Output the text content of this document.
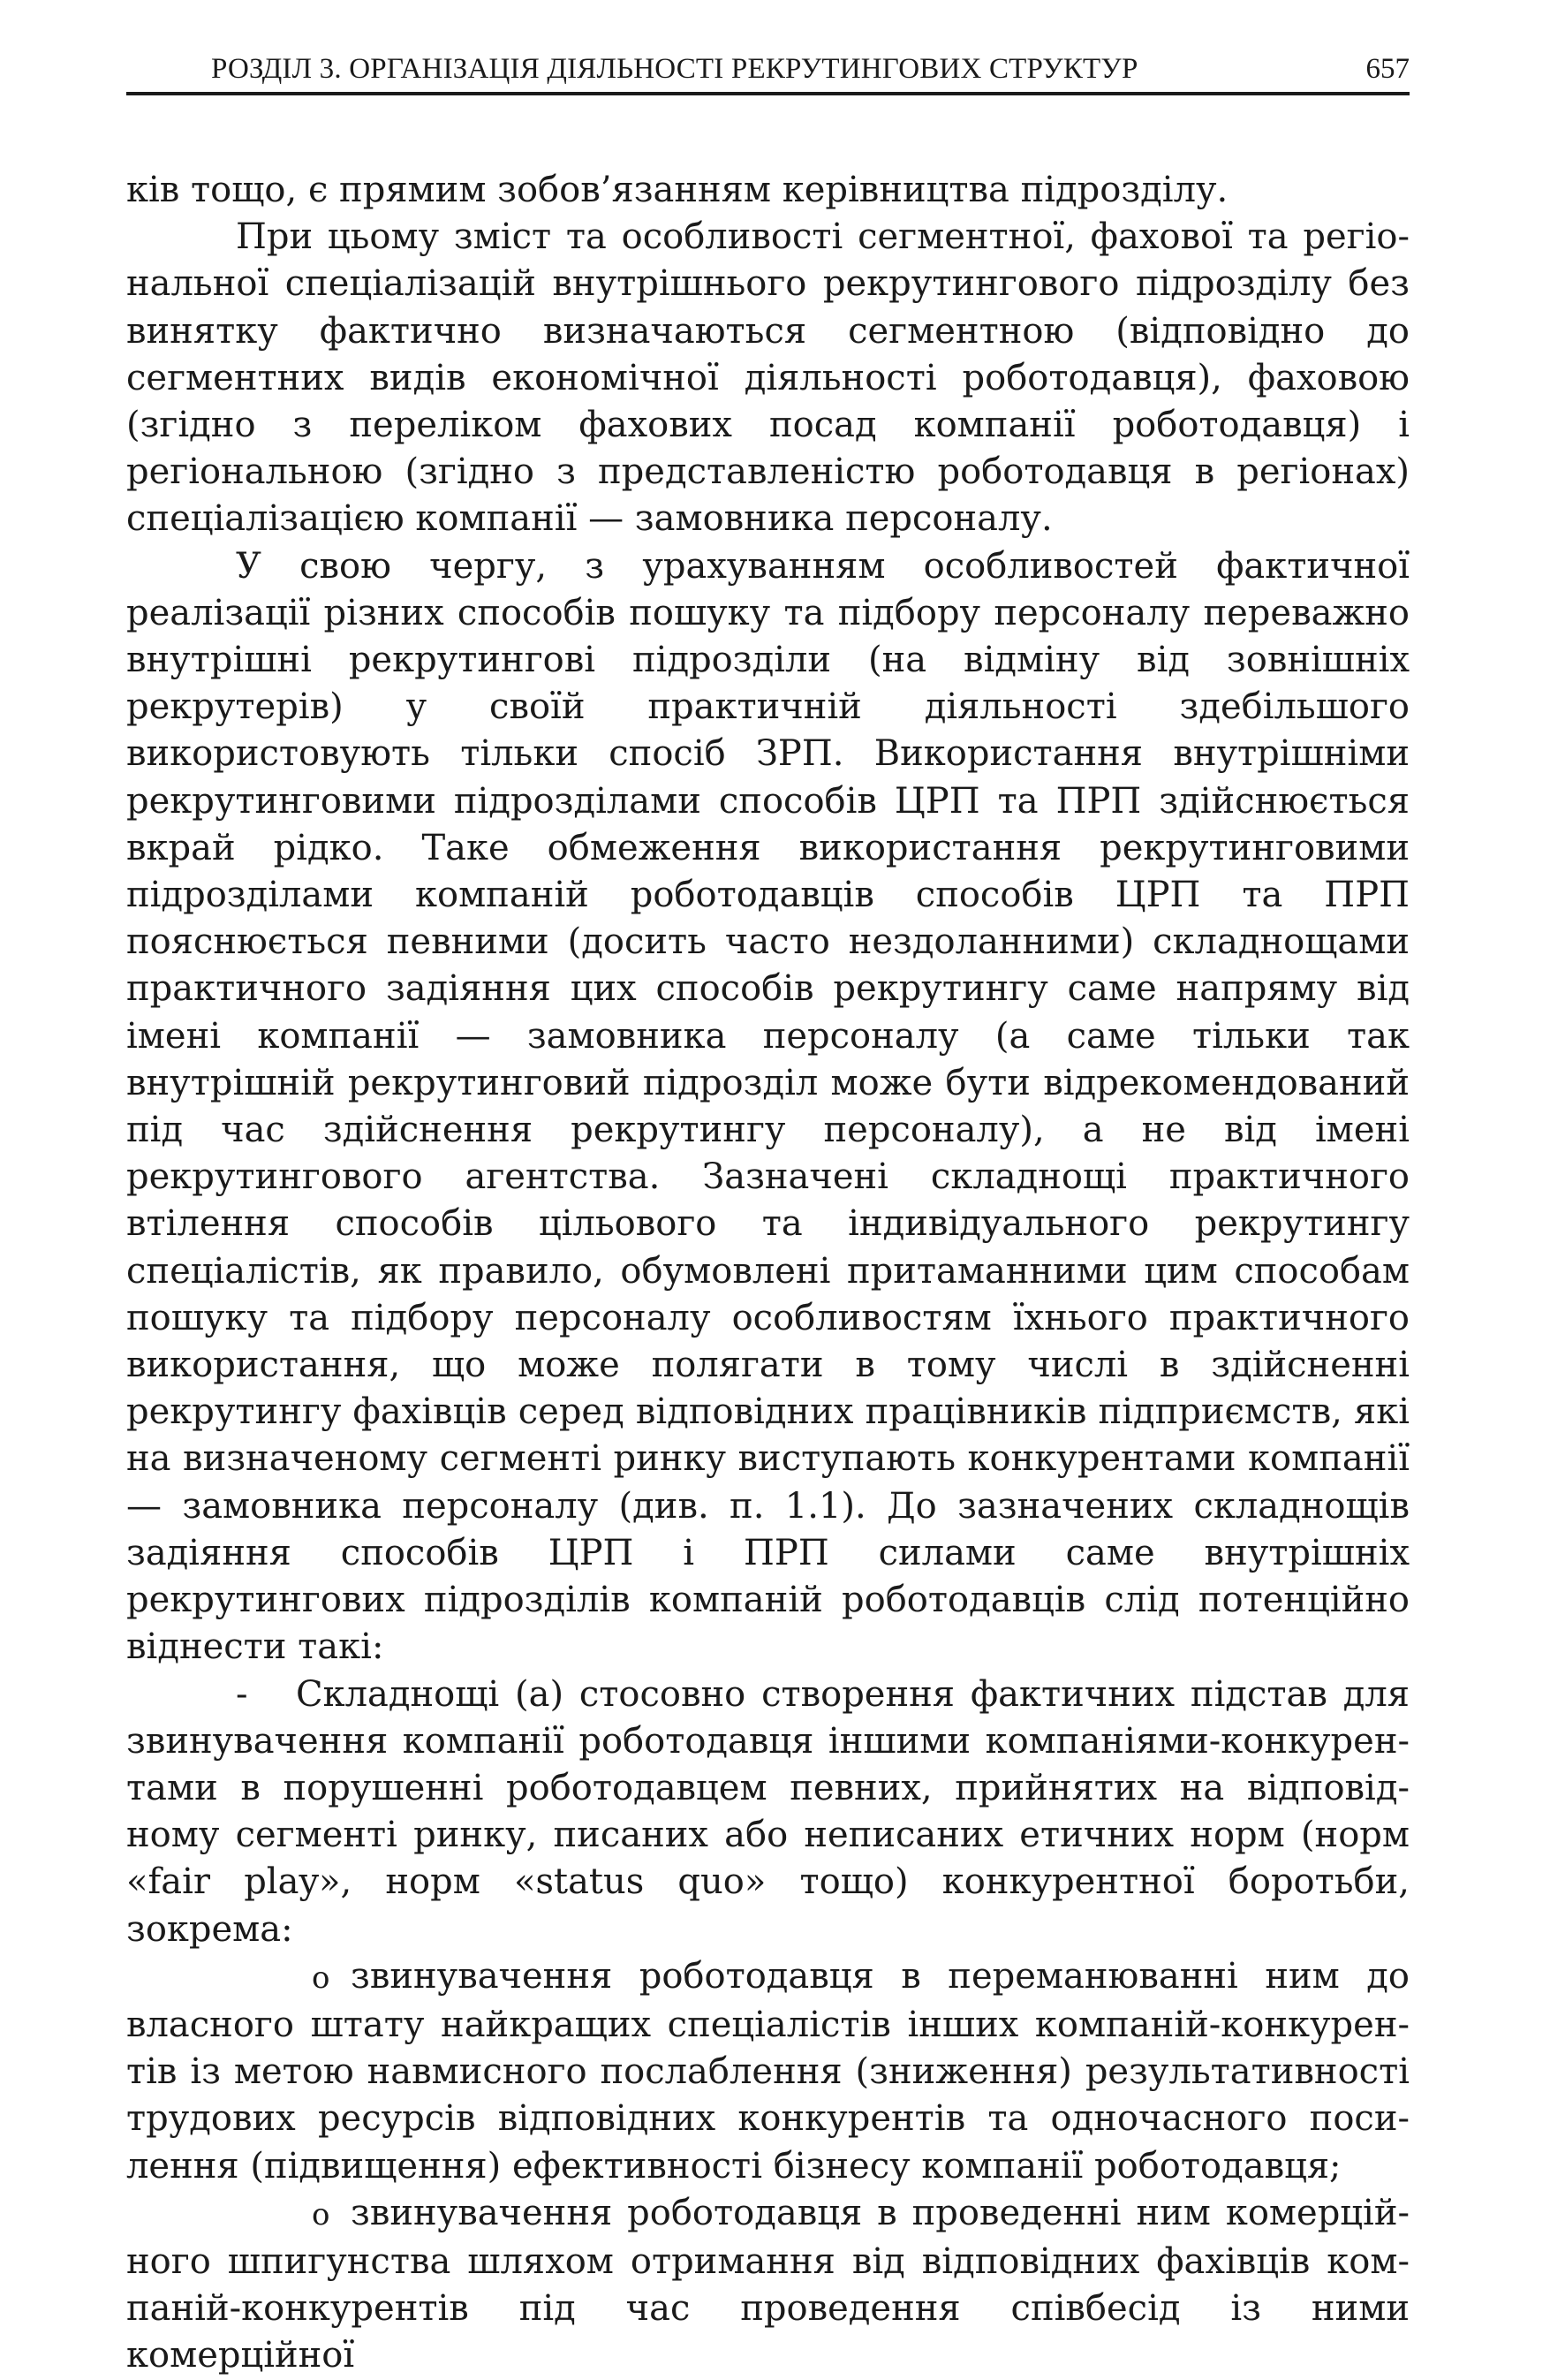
РОЗДІЛ 3. ОРГАНІЗАЦІЯ ДІЯЛЬНОСТІ РЕКРУТИНГОВИХ СТРУКТУР	657

ків тощо, є прямим зобов’язанням керівництва підрозділу.

При цьому зміст та особливості сегментної, фахової та регіональної спеціалізацій внутрішнього рекрутингового підрозділу без винятку фактично визначаються сегментною (відповідно до сегментних видів економічної діяльності роботодавця), фаховою (згідно з переліком фахових посад компанії роботодавця) і регіональною (згідно з представленістю роботодавця в регіонах) спеціалізацією компанії — замовника персоналу.

У свою чергу, з урахуванням особливостей фактичної реалізації різних способів пошуку та підбору персоналу переважно внутрішні рекрутингові підрозділи (на відміну від зовнішніх рекрутерів) у своїй практичній діяльності здебільшого використовують тільки спосіб ЗРП. Використання внутрішніми рекрутинговими підрозділами способів ЦРП та ПРП здійснюється вкрай рідко. Таке обмеження використання рекрутинговими підрозділами компаній роботодавців способів ЦРП та ПРП пояснюється певними (досить часто нездоланними) складнощами практичного задіяння цих способів рекрутингу саме напряму від імені компанії — замовника персоналу (а саме тільки так внутрішній рекрутинговий підрозділ може бути відрекомендований під час здійснення рекрутингу персоналу), а не від імені рекрутингового агентства. Зазначені складнощі практичного втілення способів цільового та індивідуального рекрутингу спеціалістів, як правило, обумовлені притаманними цим способам пошуку та підбору персоналу особливостям їхнього практичного використання, що може полягати в тому числі в здійсненні рекрутингу фахівців серед відповідних працівників підприємств, які на визначеному сегменті ринку виступають конкурентами компанії — замовника персоналу (див. п. 1.1). До зазначених складнощів задіяння способів ЦРП і ПРП силами саме внутрішніх рекрутингових підрозділів компаній роботодавців слід потенційно віднести такі:

- Складнощі (а) стосовно створення фактичних підстав для звинувачення компанії роботодавця іншими компаніями-конкурентами в порушенні роботодавцем певних, прийнятих на відповідному сегменті ринку, писаних або неписаних етичних норм (норм «fair play», норм «status quo» тощо) конкурентної боротьби, зокрема:

o звинувачення роботодавця в переманюванні ним до власного штату найкращих спеціалістів інших компаній-конкурентів із метою навмисного послаблення (зниження) результативності трудових ресурсів відповідних конкурентів та одночасного посилення (підвищення) ефективності бізнесу компанії роботодавця;

o звинувачення роботодавця в проведенні ним комерційного шпигунства шляхом отримання від відповідних фахівців компаній-конкурентів під час проведення співбесід із ними комерційної
